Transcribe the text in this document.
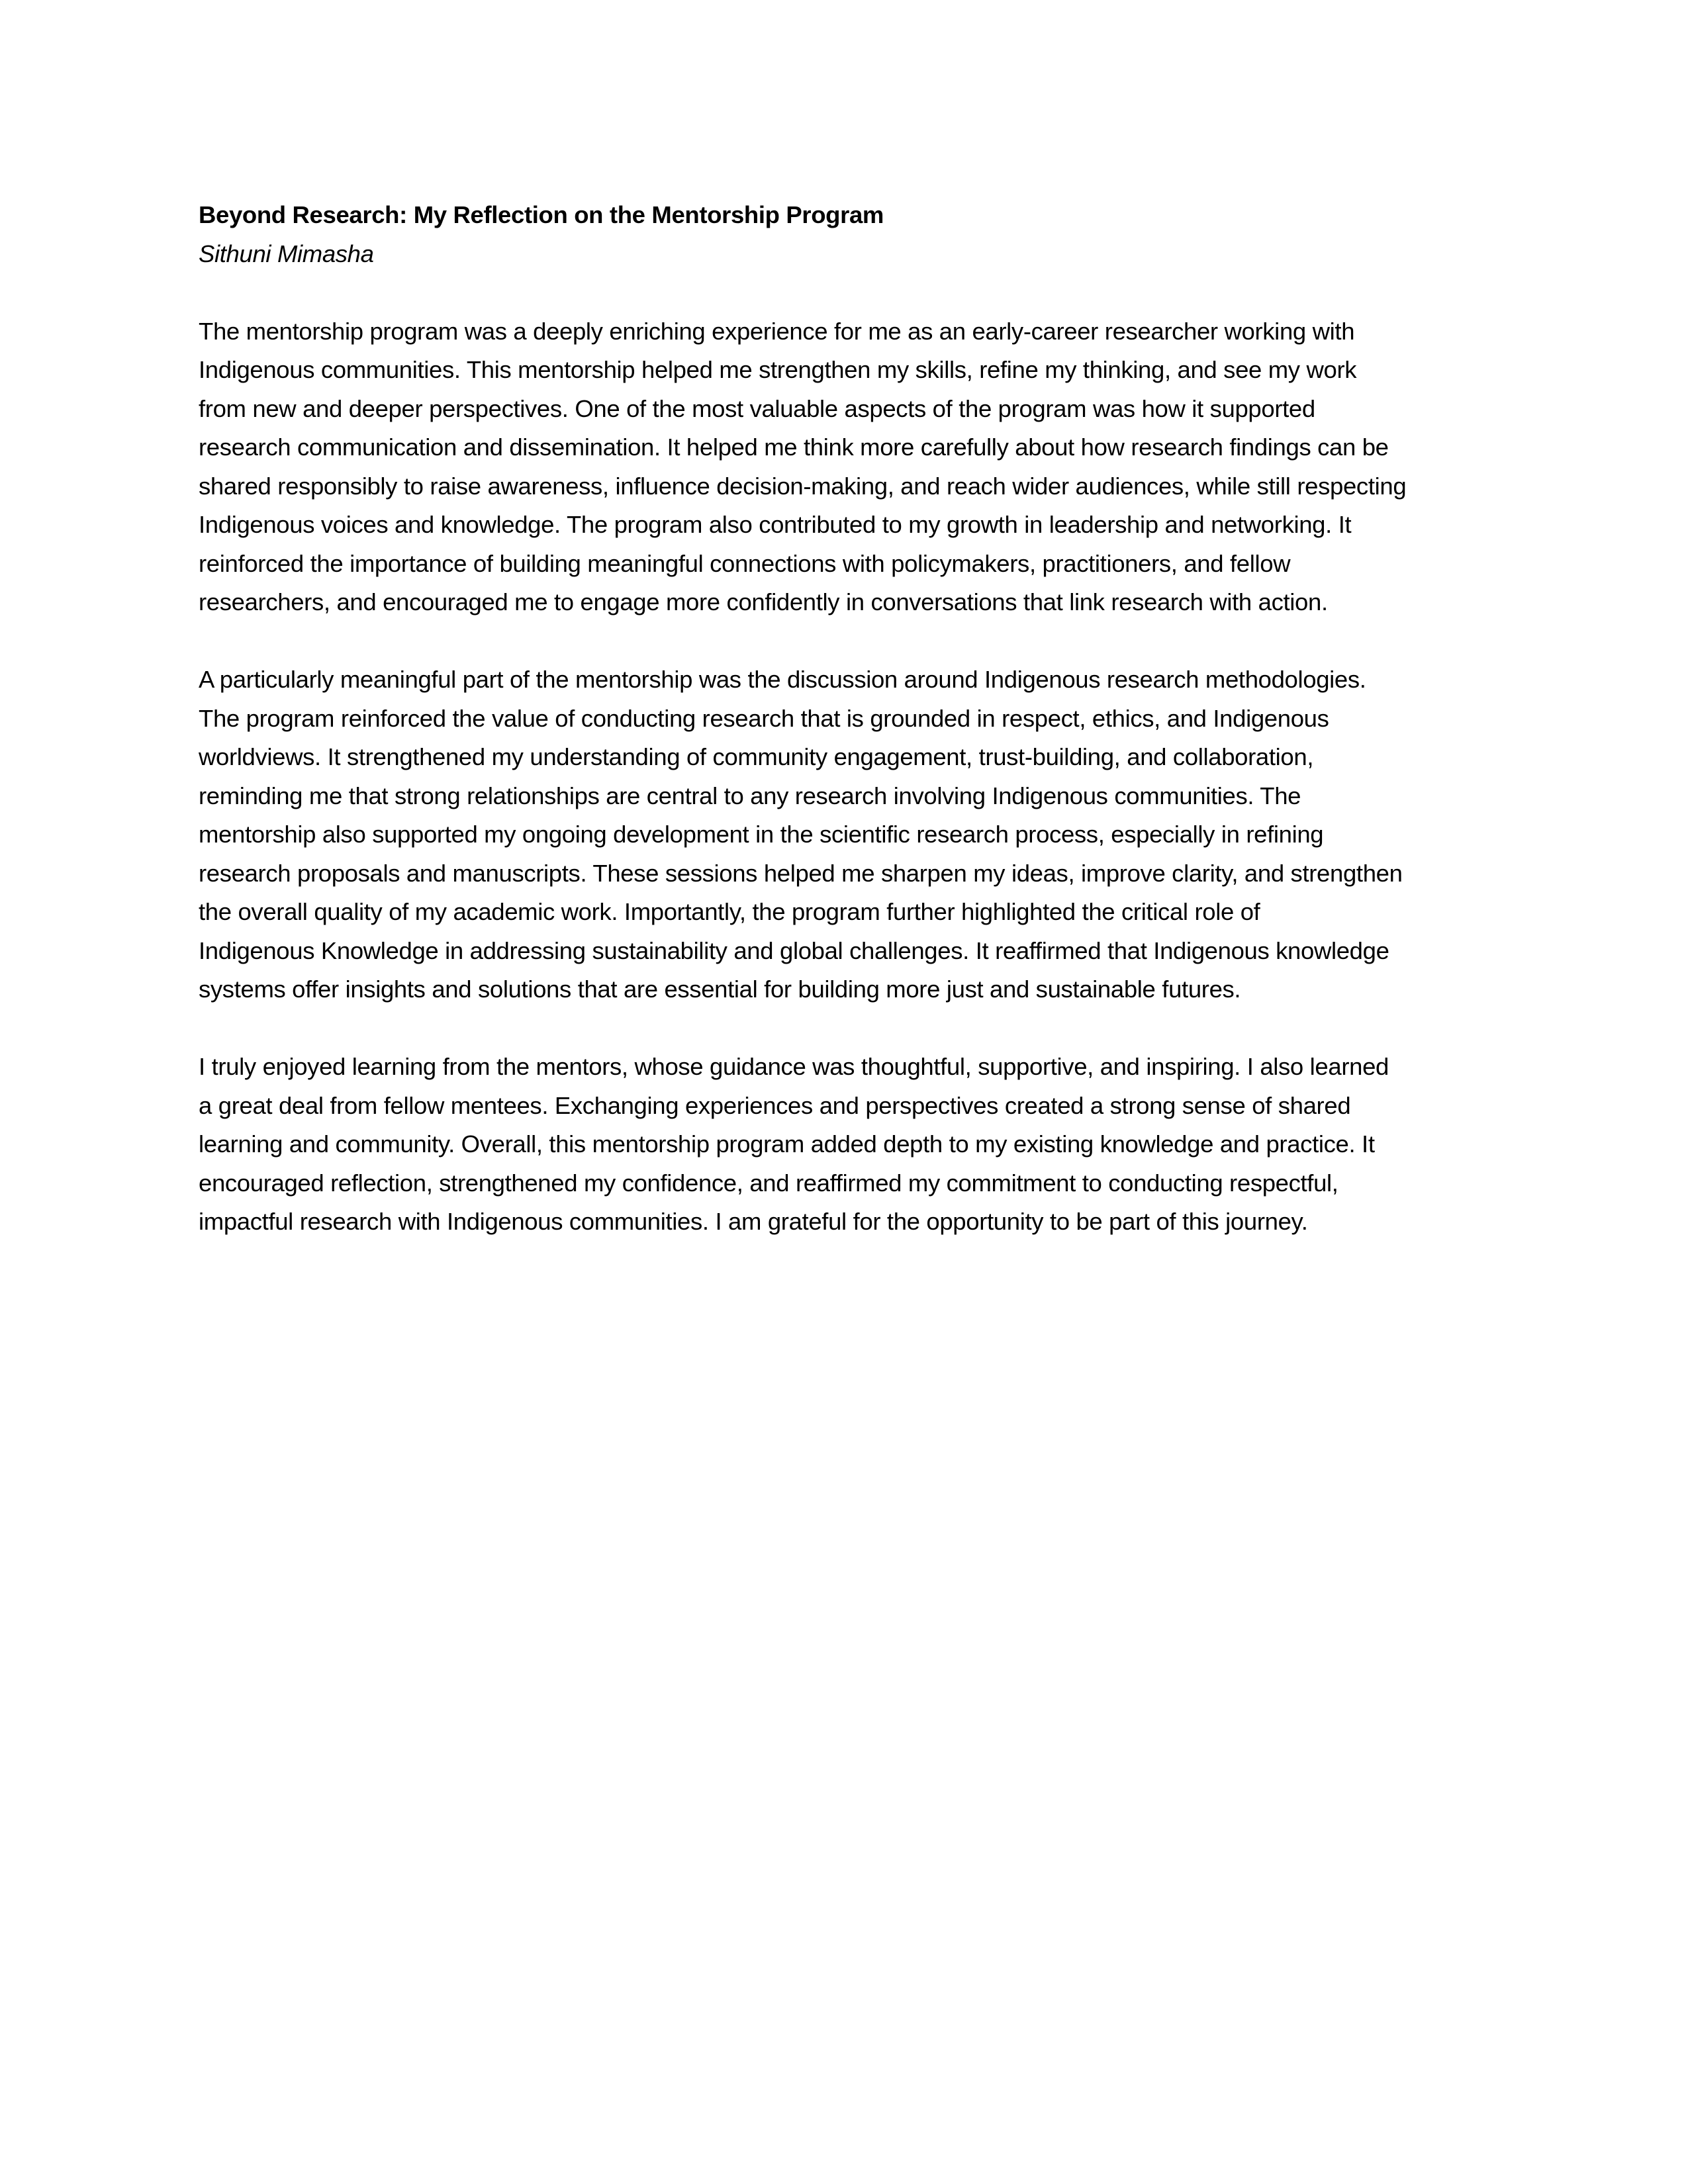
Beyond Research: My Reflection on the Mentorship Program

Sithuni Mimasha

The mentorship program was a deeply enriching experience for me as an early-career researcher working with
Indigenous communities. This mentorship helped me strengthen my skills, refine my thinking, and see my work
from new and deeper perspectives. One of the most valuable aspects of the program was how it supported
research communication and dissemination. It helped me think more carefully about how research findings can be
shared responsibly to raise awareness, influence decision-making, and reach wider audiences, while still respecting
Indigenous voices and knowledge. The program also contributed to my growth in leadership and networking. It
reinforced the importance of building meaningful connections with policymakers, practitioners, and fellow
researchers, and encouraged me to engage more confidently in conversations that link research with action.
A particularly meaningful part of the mentorship was the discussion around Indigenous research methodologies.
The program reinforced the value of conducting research that is grounded in respect, ethics, and Indigenous
worldviews. It strengthened my understanding of community engagement, trust-building, and collaboration,
reminding me that strong relationships are central to any research involving Indigenous communities. The
mentorship also supported my ongoing development in the scientific research process, especially in refining
research proposals and manuscripts. These sessions helped me sharpen my ideas, improve clarity, and strengthen
the overall quality of my academic work. Importantly, the program further highlighted the critical role of
Indigenous Knowledge in addressing sustainability and global challenges. It reaffirmed that Indigenous knowledge
systems offer insights and solutions that are essential for building more just and sustainable futures.
I truly enjoyed learning from the mentors, whose guidance was thoughtful, supportive, and inspiring. I also learned
a great deal from fellow mentees. Exchanging experiences and perspectives created a strong sense of shared
learning and community. Overall, this mentorship program added depth to my existing knowledge and practice. It
encouraged reflection, strengthened my confidence, and reaffirmed my commitment to conducting respectful,
impactful research with Indigenous communities. I am grateful for the opportunity to be part of this journey.
